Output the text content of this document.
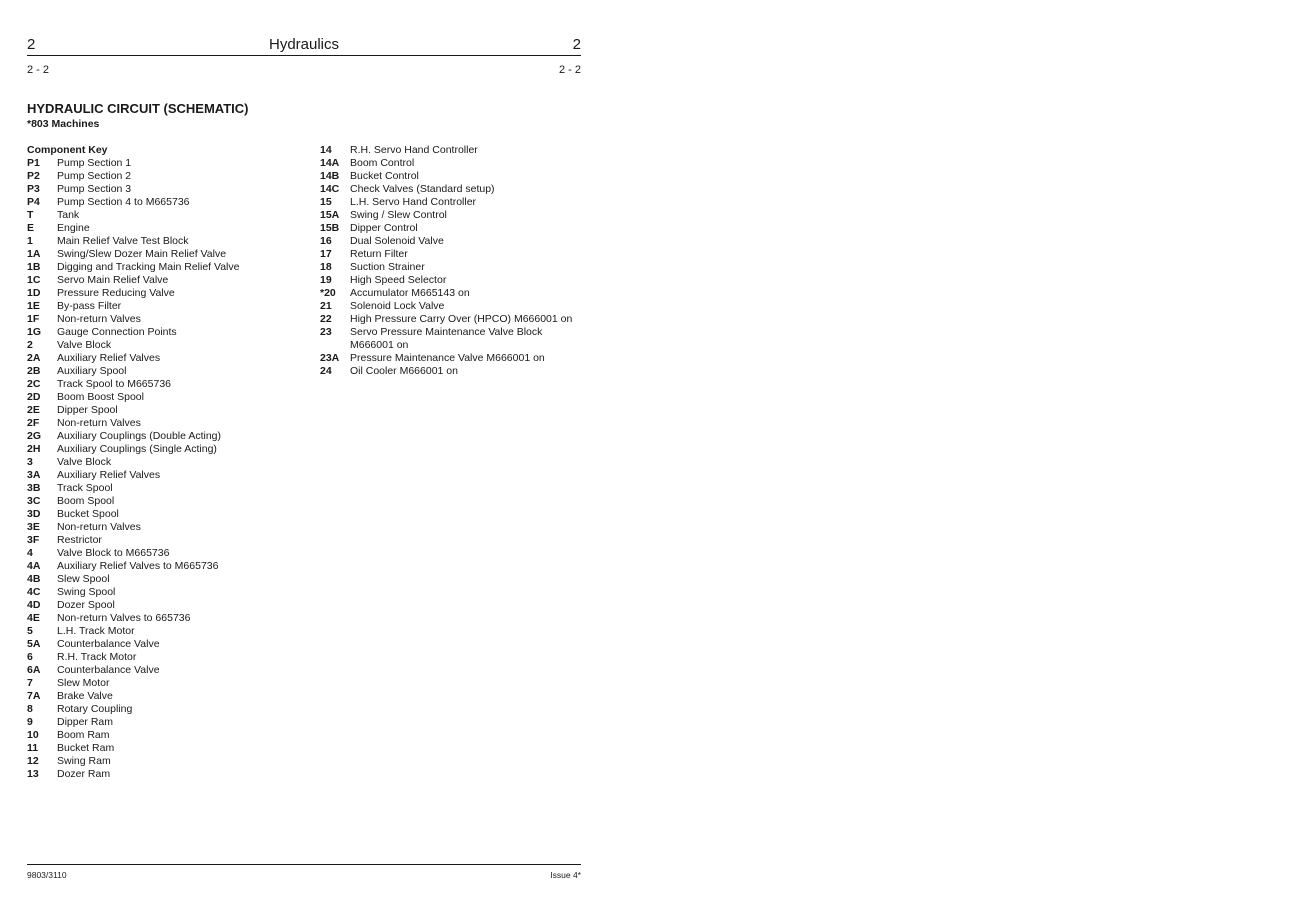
Hydraulics
2	2
2 - 2	2 - 2
HYDRAULIC CIRCUIT (SCHEMATIC)
*803 Machines
Component Key
P1 Pump Section 1
P2 Pump Section 2
P3 Pump Section 3
P4 Pump Section 4 to M665736
T Tank
E Engine
1 Main Relief Valve Test Block
1A Swing/Slew Dozer Main Relief Valve
1B Digging and Tracking Main Relief Valve
1C Servo Main Relief Valve
1D Pressure Reducing Valve
1E By-pass Filter
1F Non-return Valves
1G Gauge Connection Points
2 Valve Block
2A Auxiliary Relief Valves
2B Auxiliary Spool
2C Track Spool to M665736
2D Boom Boost Spool
2E Dipper Spool
2F Non-return Valves
2G Auxiliary Couplings (Double Acting)
2H Auxiliary Couplings (Single Acting)
3 Valve Block
3A Auxiliary Relief Valves
3B Track Spool
3C Boom Spool
3D Bucket Spool
3E Non-return Valves
3F Restrictor
4 Valve Block to M665736
4A Auxiliary Relief Valves to M665736
4B Slew Spool
4C Swing Spool
4D Dozer Spool
4E Non-return Valves to 665736
5 L.H. Track Motor
5A Counterbalance Valve
6 R.H. Track Motor
6A Counterbalance Valve
7 Slew Motor
7A Brake Valve
8 Rotary Coupling
9 Dipper Ram
10 Boom Ram
11 Bucket Ram
12 Swing Ram
13 Dozer Ram
14 R.H. Servo Hand Controller
14A Boom Control
14B Bucket Control
14C Check Valves (Standard setup)
15 L.H. Servo Hand Controller
15A Swing / Slew Control
15B Dipper Control
16 Dual Solenoid Valve
17 Return Filter
18 Suction Strainer
19 High Speed Selector
*20 Accumulator M665143 on
21 Solenoid Lock Valve
22 High Pressure Carry Over (HPCO) M666001 on
23 Servo Pressure Maintenance Valve Block
M666001 on
23A Pressure Maintenance Valve M666001 on
24 Oil Cooler M666001 on
9803/3110	Issue 4*
